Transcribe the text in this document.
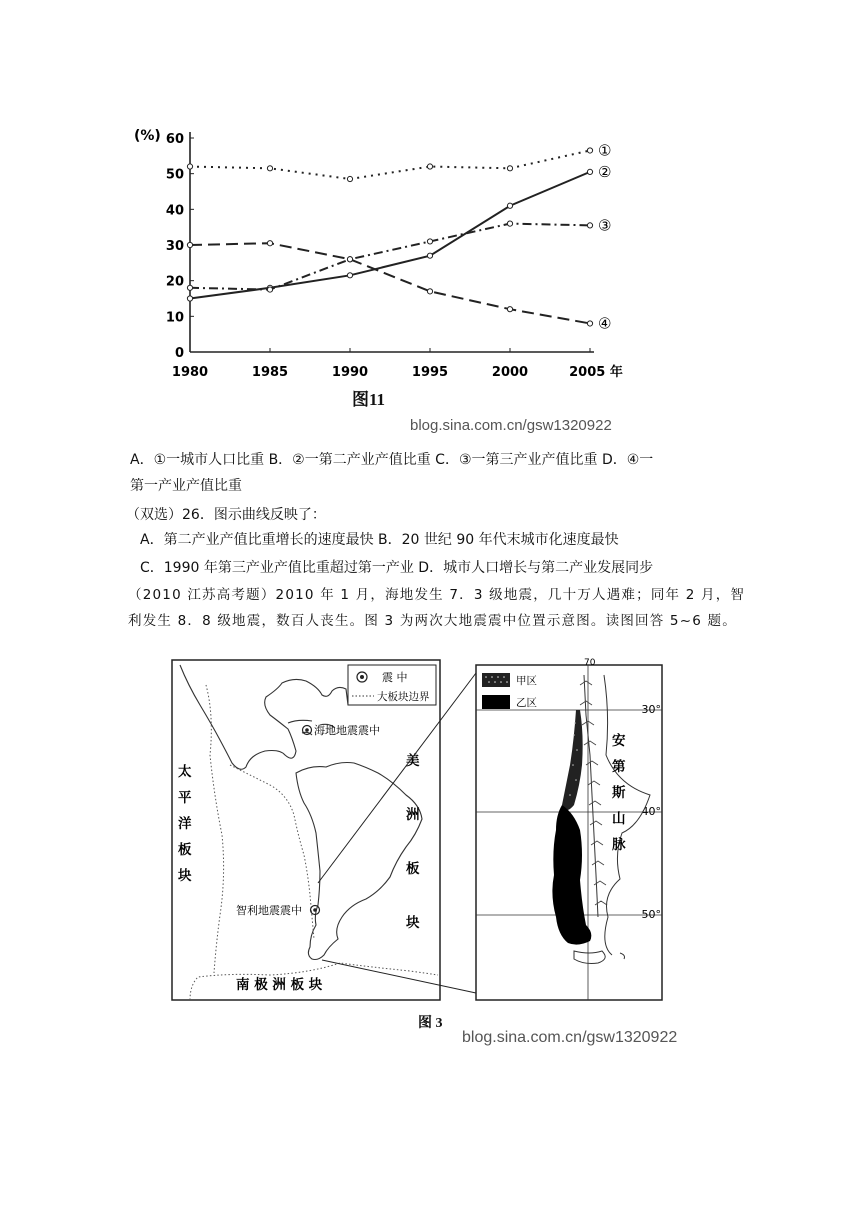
0
10
20
30
40
50
60
1980	1985	1990	1995	2000	2005 年
①
②
③
④
(%)
图11
blog.sina.com.cn/gsw1320922
A．①一城市人口比重 B．②一第二产业产值比重 C．③一第三产业产值比重 D．④一
第一产业产值比重
（双选）26．图示曲线反映了：
A．第二产业产值比重增长的速度最快 B．20 世纪 90 年代末城市化速度最快
C．1990 年第三产业产值比重超过第一产业 D．城市人口增长与第二产业发展同步
（2010 江苏高考题）2010 年 1 月，海地发生 7．3 级地震，几十万人遇难；同年 2 月，智
利发生 8．8 级地震，数百人丧生。图 3 为两次大地震震中位置示意图。读图回答 5~6 题。
震 中
大板块边界
海地地震震中
智利地震震中
太
平
洋
板
块
美
洲
板
块
南 极 洲 板 块
30°
40°
50°
70
甲区
乙区
安
第
斯
山
脉
图 3
blog.sina.com.cn/gsw1320922
